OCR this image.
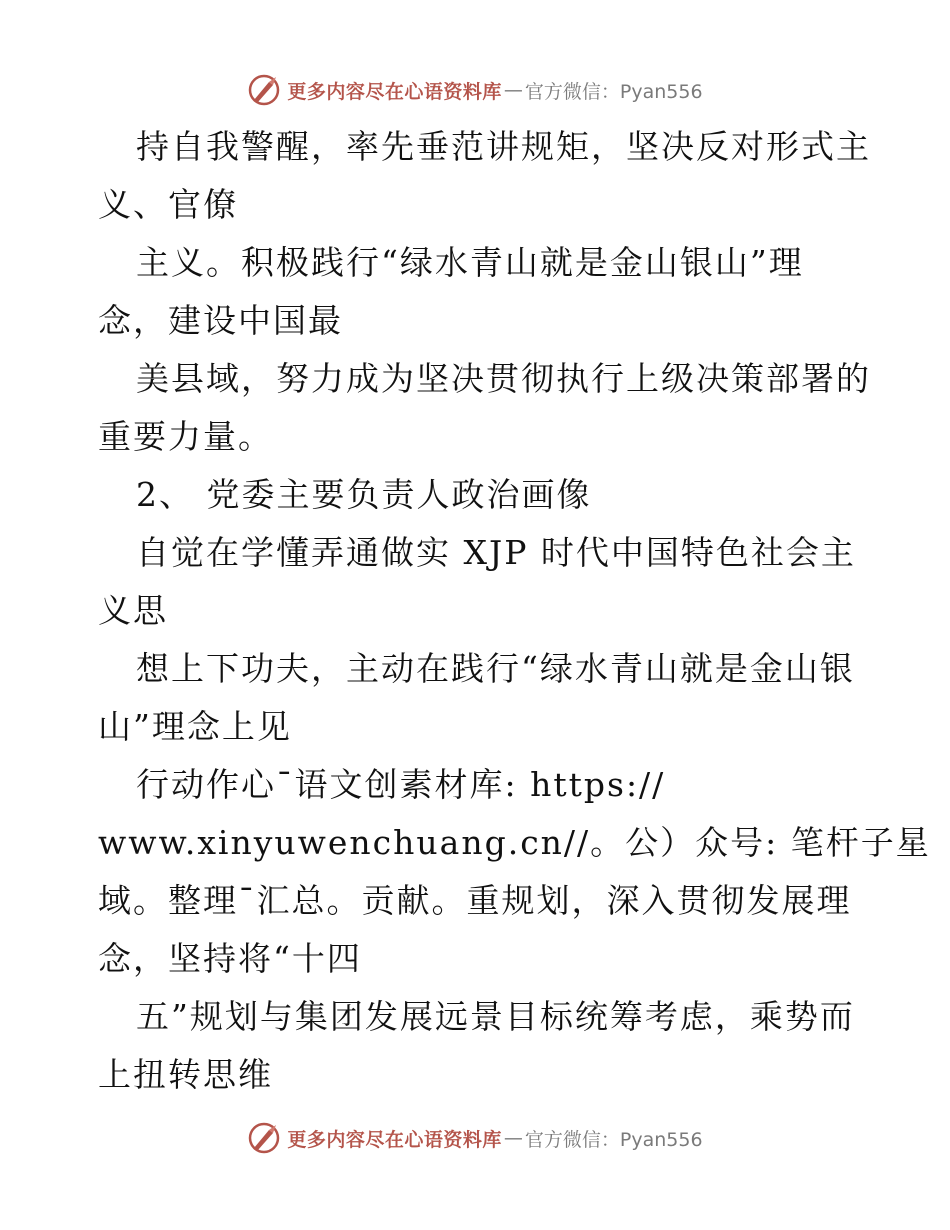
更多内容尽在心语资料库 — 官方微信：Pyan556
持自我警醒，率先垂范讲规矩，坚决反对形式主
义、官僚
主义。积极践行“绿水青山就是金山银山”理
念，建设中国最
美县域，努力成为坚决贯彻执行上级决策部署的
重要力量。
2、 党委主要负责人政治画像
自觉在学懂弄通做实 XJP 时代中国特色社会主
义思
想上下功夫，主动在践行“绿水青山就是金山银
山”理念上见
行动作心¯语文创素材库: https://
www.xinyuwenchuang.cn//。公）众号: 笔杆子星
域。整理¯汇总。贡献。重规划，深入贯彻发展理
念，坚持将“十四
五”规划与集团发展远景目标统筹考虑，乘势而
上扭转思维
更多内容尽在心语资料库 — 官方微信：Pyan556
